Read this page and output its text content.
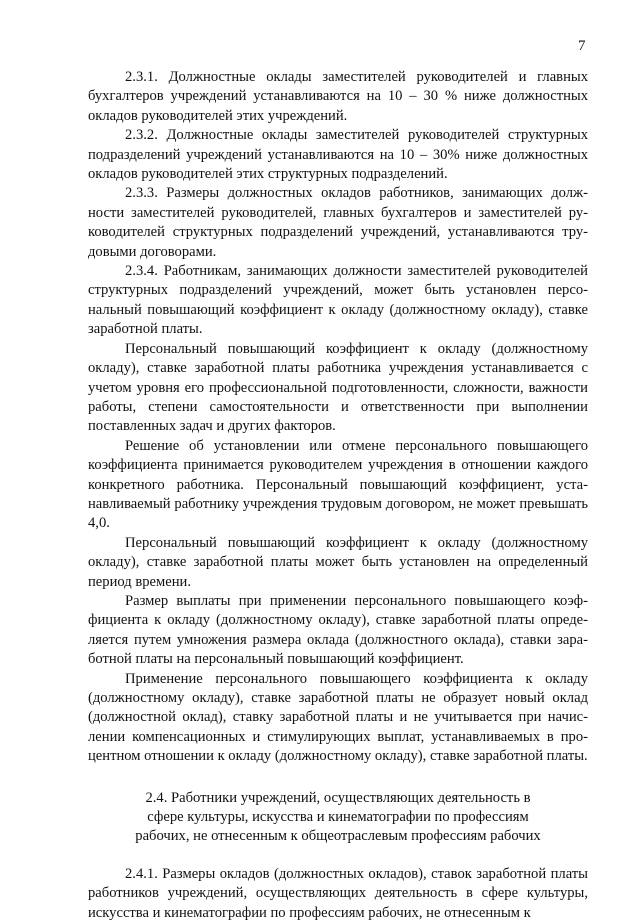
7

2.3.1. Должностные оклады заместителей руководителей и главных бухгалтеров учреждений устанавливаются на 10 – 30 % ниже должностных окладов руководителей этих учреждений.

2.3.2. Должностные оклады заместителей руководителей структурных подразделений учреждений устанавливаются на 10 – 30% ниже должностных окладов руководителей этих структурных подразделений.

2.3.3. Размеры должностных окладов работников, занимающих должности заместителей руководителей, главных бухгалтеров и заместителей руководителей структурных подразделений учреждений, устанавливаются трудовыми договорами.

2.3.4. Работникам, занимающих должности заместителей руководителей структурных подразделений учреждений, может быть установлен персональный повышающий коэффициент к окладу (должностному окладу), ставке заработной платы.

Персональный повышающий коэффициент к окладу (должностному окладу), ставке заработной платы работника учреждения устанавливается с учетом уровня его профессиональной подготовленности, сложности, важности работы, степени самостоятельности и ответственности при выполнении поставленных задач и других факторов.

Решение об установлении или отмене персонального повышающего коэффициента принимается руководителем учреждения в отношении каждого конкретного работника. Персональный повышающий коэффициент, устанавливаемый работнику учреждения трудовым договором, не может превышать 4,0.

Персональный повышающий коэффициент к окладу (должностному окладу), ставке заработной платы может быть установлен на определенный период времени.

Размер выплаты при применении персонального повышающего коэффициента к окладу (должностному окладу), ставке заработной платы определяется путем умножения размера оклада (должностного оклада), ставки заработной платы на персональный повышающий коэффициент.

Применение персонального повышающего коэффициента к окладу (должностному окладу), ставке заработной платы не образует новый оклад (должностной оклад), ставку заработной платы и не учитывается при начислении компенсационных и стимулирующих выплат, устанавливаемых в процентном отношении к окладу (должностному окладу), ставке заработной платы.

2.4. Работники учреждений, осуществляющих деятельность в
сфере культуры, искусства и кинематографии по профессиям
рабочих, не отнесенным к общеотраслевым профессиям рабочих

2.4.1. Размеры окладов (должностных окладов), ставок заработной платы работников учреждений, осуществляющих деятельность в сфере культуры, искусства и кинематографии по профессиям рабочих, не отнесенным к
